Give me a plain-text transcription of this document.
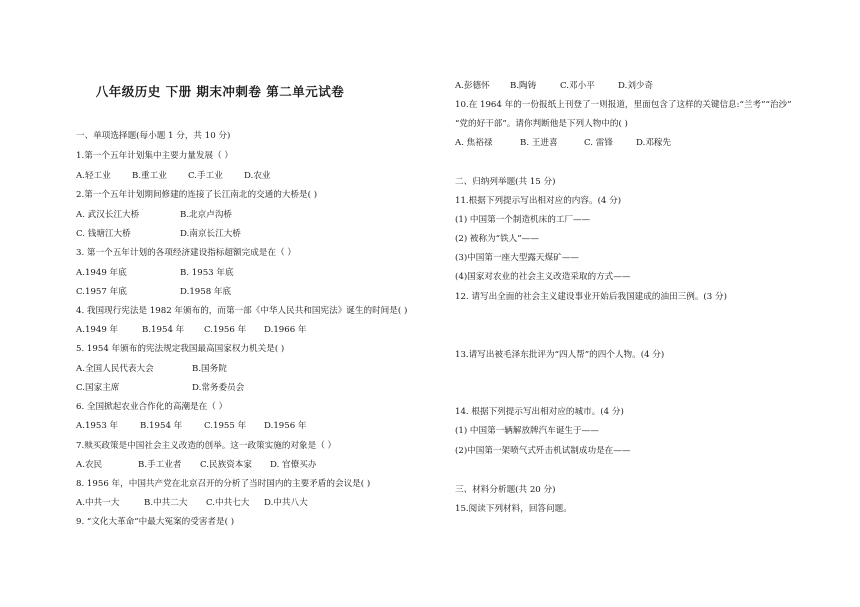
八年级历史 下册 期末冲刺卷 第二单元试卷
一、单项选择题(每小题 1 分，共 10 分)
1.第一个五年计划集中主要力量发展（ ）
A.轻工业 B.重工业 C.手工业 D.农业
2.第一个五年计划期间修建的连接了长江南北的交通的大桥是( )
A. 武汉长江大桥	B.北京卢沟桥
C. 钱塘江大桥	D.南京长江大桥
3. 第一个五年计划的各项经济建设指标超额完成是在（ ）
A.1949 年底	B. 1953 年底
C.1957 年底	D.1958 年底
4. 我国现行宪法是 1982 年颁布的，而第一部《中华人民共和国宪法》诞生的时间是( )
A.1949 年	B.1954 年 C.1956 年 D.1966 年
5. 1954 年颁布的宪法规定我国最高国家权力机关是( )
A.全国人民代表大会	B.国务院
C.国家主席	D.常务委员会
6. 全国掀起农业合作化的高潮是在（ ）
A.1953 年	B.1954 年	C.1955 年 D.1956 年
7.赎买政策是中国社会主义改造的创举。这一政策实施的对象是（ ）
A.农民	B.手工业者 C.民族资本家 D. 官僚买办
8. 1956 年，中国共产党在北京召开的分析了当时国内的主要矛盾的会议是( )
A.中共一大	B.中共二大 C.中共七大 D.中共八大
9. “文化大革命”中最大冤案的受害者是( )
A.彭德怀 B.陶铸	C.邓小平	D.刘少奇
10.在 1964 年的一份报纸上刊登了一则报道，里面包含了这样的关键信息:“兰考”“治沙”
“党的好干部”。请你判断他是下列人物中的( )
A. 焦裕禄	B. 王进喜	C. 雷锋	D.邓稼先
二、归纳列举题(共 15 分)
11.根据下列提示写出相对应的内容。(4 分)
(1) 中国第一个制造机床的工厂——
(2) 被称为“铁人”——
(3)中国第一座大型露天煤矿——
(4)国家对农业的社会主义改造采取的方式——
12. 请写出全面的社会主义建设事业开始后我国建成的油田三例。(3 分)
13.请写出被毛泽东批评为“四人帮”的四个人物。(4 分)
14. 根据下列提示写出相对应的城市。(4 分)
(1) 中国第一辆解放牌汽车诞生于——
(2)中国第一架喷气式歼击机试制成功是在——
三、材料分析题(共 20 分)
15.阅读下列材料，回答问题。
